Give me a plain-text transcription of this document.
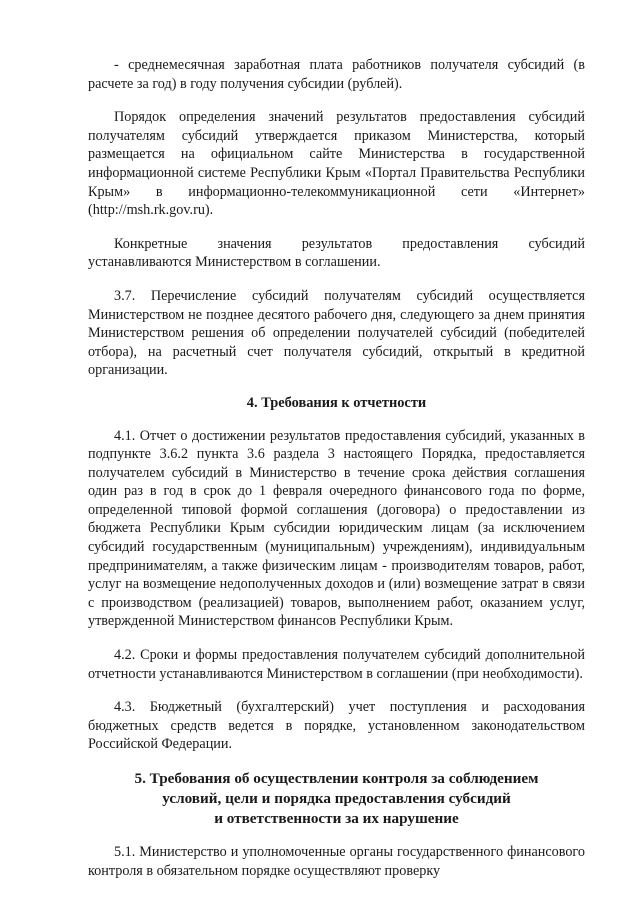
- среднемесячная заработная плата работников получателя субсидий (в расчете за год) в году получения субсидии (рублей).

Порядок определения значений результатов предоставления субсидий получателям субсидий утверждается приказом Министерства, который размещается на официальном сайте Министерства в государственной информационной системе Республики Крым «Портал Правительства Республики Крым» в информационно-телекоммуникационной сети «Интернет» (http://msh.rk.gov.ru).

Конкретные значения результатов предоставления субсидий устанавливаются Министерством в соглашении.

3.7. Перечисление субсидий получателям субсидий осуществляется Министерством не позднее десятого рабочего дня, следующего за днем принятия Министерством решения об определении получателей субсидий (победителей отбора), на расчетный счет получателя субсидий, открытый в кредитной организации.

4. Требования к отчетности

4.1. Отчет о достижении результатов предоставления субсидий, указанных в подпункте 3.6.2 пункта 3.6 раздела 3 настоящего Порядка, предоставляется получателем субсидий в Министерство в течение срока действия соглашения один раз в год в срок до 1 февраля очередного финансового года по форме, определенной типовой формой соглашения (договора) о предоставлении из бюджета Республики Крым субсидии юридическим лицам (за исключением субсидий государственным (муниципальным) учреждениям), индивидуальным предпринимателям, а также физическим лицам - производителям товаров, работ, услуг на возмещение недополученных доходов и (или) возмещение затрат в связи с производством (реализацией) товаров, выполнением работ, оказанием услуг, утвержденной Министерством финансов Республики Крым.

4.2. Сроки и формы предоставления получателем субсидий дополнительной отчетности устанавливаются Министерством в соглашении (при необходимости).

4.3. Бюджетный (бухгалтерский) учет поступления и расходования бюджетных средств ведется в порядке, установленном законодательством Российской Федерации.

5. Требования об осуществлении контроля за соблюдением

условий, цели и порядка предоставления субсидий

и ответственности за их нарушение

5.1. Министерство и уполномоченные органы государственного финансового контроля в обязательном порядке осуществляют проверку
